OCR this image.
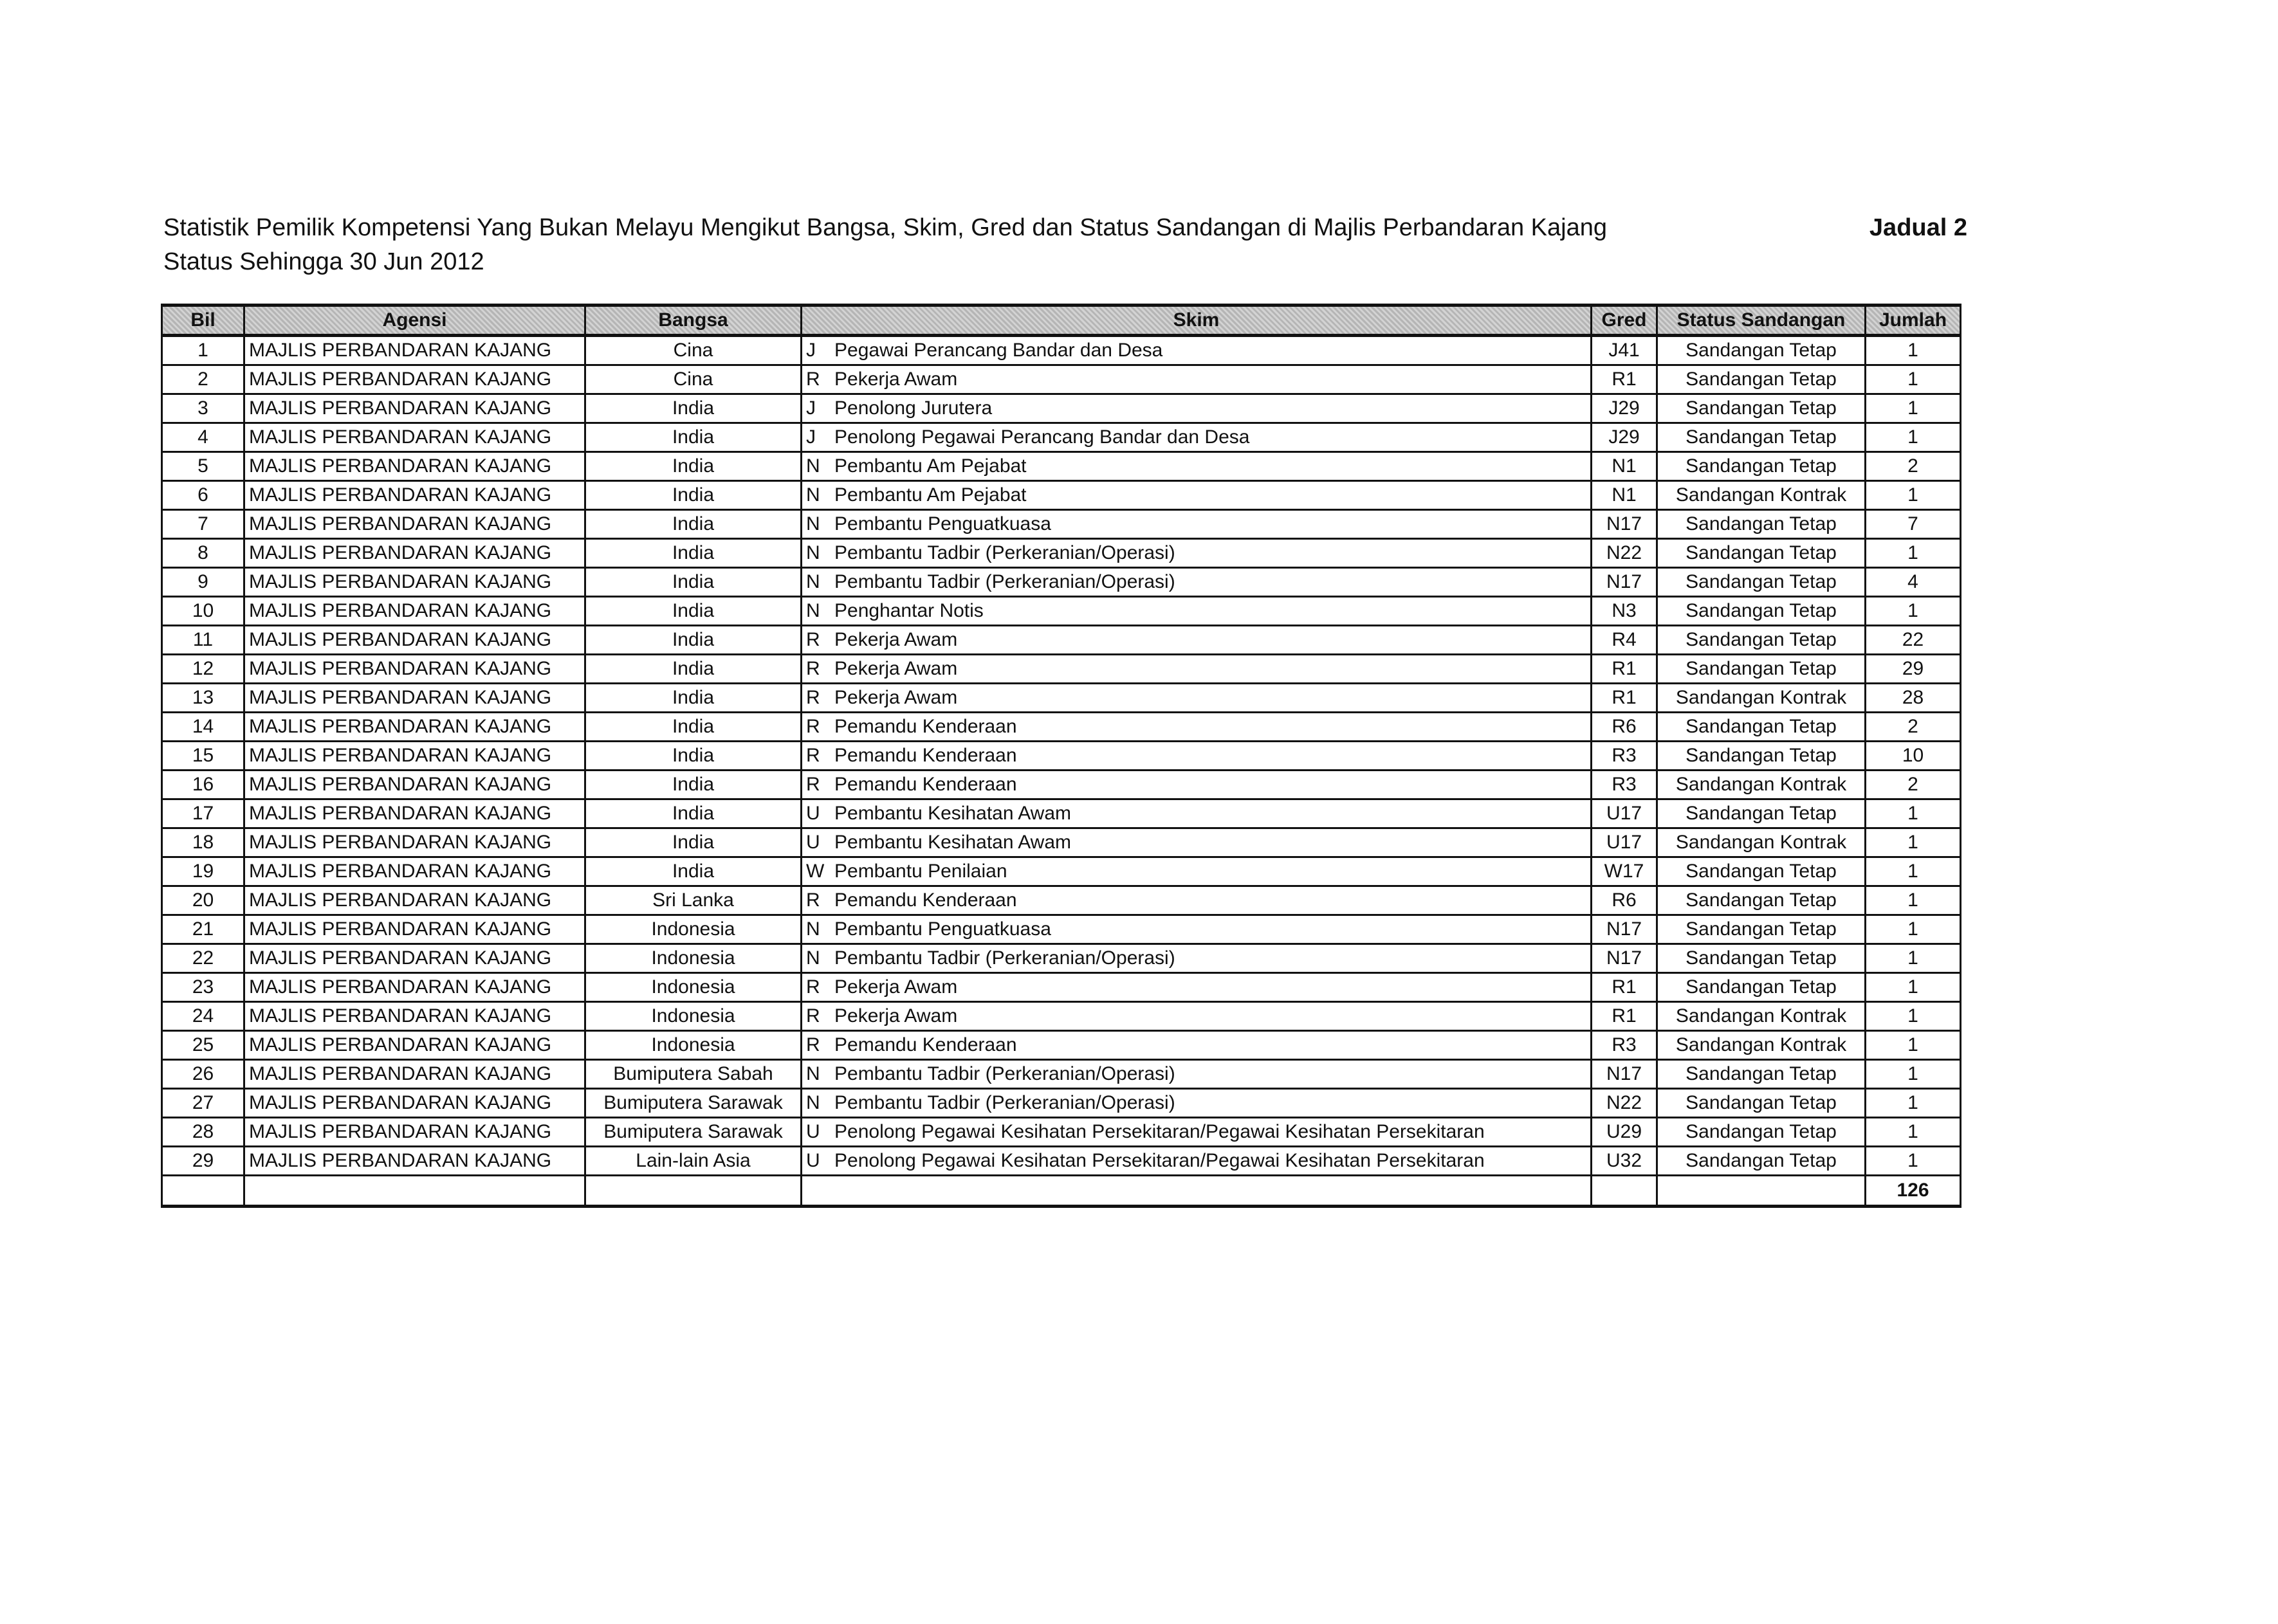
Statistik Pemilik Kompetensi Yang Bukan Melayu Mengikut Bangsa, Skim, Gred dan Status Sandangan di Majlis Perbandaran Kajang
Status Sehingga 30 Jun 2012
Jadual 2
Bil	Agensi	Bangsa	Skim	Gred	Status Sandangan	Jumlah
1	MAJLIS PERBANDARAN KAJANG	Cina	J Pegawai Perancang Bandar dan Desa	J41	Sandangan Tetap	1
2	MAJLIS PERBANDARAN KAJANG	Cina	R Pekerja Awam	R1	Sandangan Tetap	1
3	MAJLIS PERBANDARAN KAJANG	India	J Penolong Jurutera	J29	Sandangan Tetap	1
4	MAJLIS PERBANDARAN KAJANG	India	J Penolong Pegawai Perancang Bandar dan Desa	J29	Sandangan Tetap	1
5	MAJLIS PERBANDARAN KAJANG	India	N Pembantu Am Pejabat	N1	Sandangan Tetap	2
6	MAJLIS PERBANDARAN KAJANG	India	N Pembantu Am Pejabat	N1	Sandangan Kontrak	1
7	MAJLIS PERBANDARAN KAJANG	India	N Pembantu Penguatkuasa	N17	Sandangan Tetap	7
8	MAJLIS PERBANDARAN KAJANG	India	N Pembantu Tadbir (Perkeranian/Operasi)	N22	Sandangan Tetap	1
9	MAJLIS PERBANDARAN KAJANG	India	N Pembantu Tadbir (Perkeranian/Operasi)	N17	Sandangan Tetap	4
10	MAJLIS PERBANDARAN KAJANG	India	N Penghantar Notis	N3	Sandangan Tetap	1
11	MAJLIS PERBANDARAN KAJANG	India	R Pekerja Awam	R4	Sandangan Tetap	22
12	MAJLIS PERBANDARAN KAJANG	India	R Pekerja Awam	R1	Sandangan Tetap	29
13	MAJLIS PERBANDARAN KAJANG	India	R Pekerja Awam	R1	Sandangan Kontrak	28
14	MAJLIS PERBANDARAN KAJANG	India	R Pemandu Kenderaan	R6	Sandangan Tetap	2
15	MAJLIS PERBANDARAN KAJANG	India	R Pemandu Kenderaan	R3	Sandangan Tetap	10
16	MAJLIS PERBANDARAN KAJANG	India	R Pemandu Kenderaan	R3	Sandangan Kontrak	2
17	MAJLIS PERBANDARAN KAJANG	India	U Pembantu Kesihatan Awam	U17	Sandangan Tetap	1
18	MAJLIS PERBANDARAN KAJANG	India	U Pembantu Kesihatan Awam	U17	Sandangan Kontrak	1
19	MAJLIS PERBANDARAN KAJANG	India	W Pembantu Penilaian	W17	Sandangan Tetap	1
20	MAJLIS PERBANDARAN KAJANG	Sri Lanka	R Pemandu Kenderaan	R6	Sandangan Tetap	1
21	MAJLIS PERBANDARAN KAJANG	Indonesia	N Pembantu Penguatkuasa	N17	Sandangan Tetap	1
22	MAJLIS PERBANDARAN KAJANG	Indonesia	N Pembantu Tadbir (Perkeranian/Operasi)	N17	Sandangan Tetap	1
23	MAJLIS PERBANDARAN KAJANG	Indonesia	R Pekerja Awam	R1	Sandangan Tetap	1
24	MAJLIS PERBANDARAN KAJANG	Indonesia	R Pekerja Awam	R1	Sandangan Kontrak	1
25	MAJLIS PERBANDARAN KAJANG	Indonesia	R Pemandu Kenderaan	R3	Sandangan Kontrak	1
26	MAJLIS PERBANDARAN KAJANG	Bumiputera Sabah	N Pembantu Tadbir (Perkeranian/Operasi)	N17	Sandangan Tetap	1
27	MAJLIS PERBANDARAN KAJANG	Bumiputera Sarawak	N Pembantu Tadbir (Perkeranian/Operasi)	N22	Sandangan Tetap	1
28	MAJLIS PERBANDARAN KAJANG	Bumiputera Sarawak	U Penolong Pegawai Kesihatan Persekitaran/Pegawai Kesihatan Persekitaran	U29	Sandangan Tetap	1
29	MAJLIS PERBANDARAN KAJANG	Lain-lain Asia	U Penolong Pegawai Kesihatan Persekitaran/Pegawai Kesihatan Persekitaran	U32	Sandangan Tetap	1
						126
